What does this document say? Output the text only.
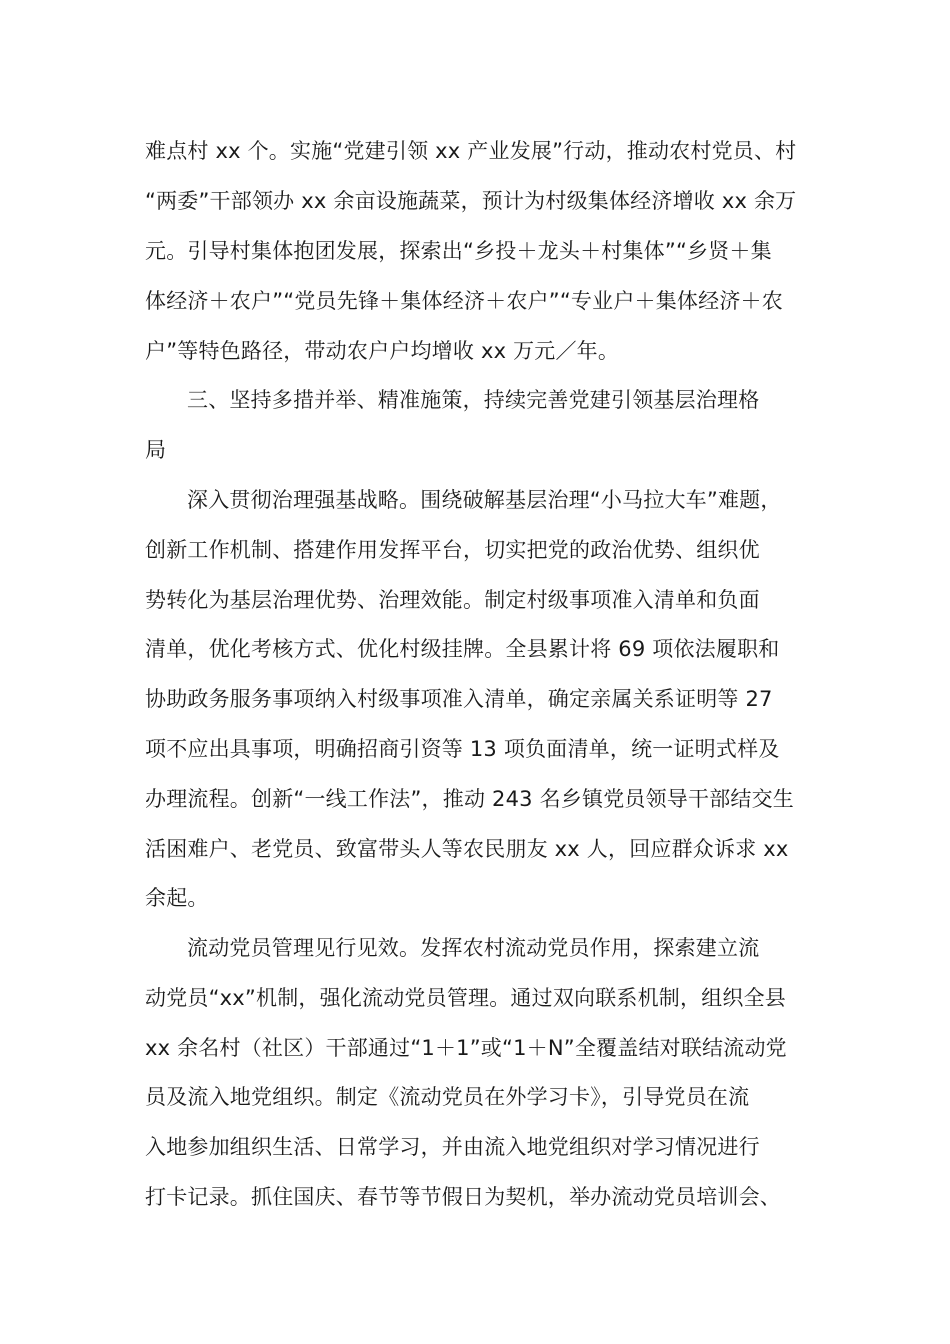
难点村 xx 个。实施“党建引领 xx 产业发展”行动，推动农村党员、村
“两委”干部领办 xx 余亩设施蔬菜，预计为村级集体经济增收 xx 余万
元。引导村集体抱团发展，探索出“乡投＋龙头＋村集体”“乡贤＋集
体经济＋农户”“党员先锋＋集体经济＋农户”“专业户＋集体经济＋农
户”等特色路径，带动农户户均增收 xx 万元／年。
三、坚持多措并举、精准施策，持续完善党建引领基层治理格
局
深入贯彻治理强基战略。围绕破解基层治理“小马拉大车”难题，
创新工作机制、搭建作用发挥平台，切实把党的政治优势、组织优
势转化为基层治理优势、治理效能。制定村级事项准入清单和负面
清单，优化考核方式、优化村级挂牌。全县累计将 69 项依法履职和
协助政务服务事项纳入村级事项准入清单，确定亲属关系证明等 27
项不应出具事项，明确招商引资等 13 项负面清单，统一证明式样及
办理流程。创新“一线工作法”，推动 243 名乡镇党员领导干部结交生
活困难户、老党员、致富带头人等农民朋友 xx 人，回应群众诉求 xx
余起。
流动党员管理见行见效。发挥农村流动党员作用，探索建立流
动党员“xx”机制，强化流动党员管理。通过双向联系机制，组织全县
xx 余名村（社区）干部通过“1＋1”或“1＋N”全覆盖结对联结流动党
员及流入地党组织。制定《流动党员在外学习卡》，引导党员在流
入地参加组织生活、日常学习，并由流入地党组织对学习情况进行
打卡记录。抓住国庆、春节等节假日为契机，举办流动党员培训会、
